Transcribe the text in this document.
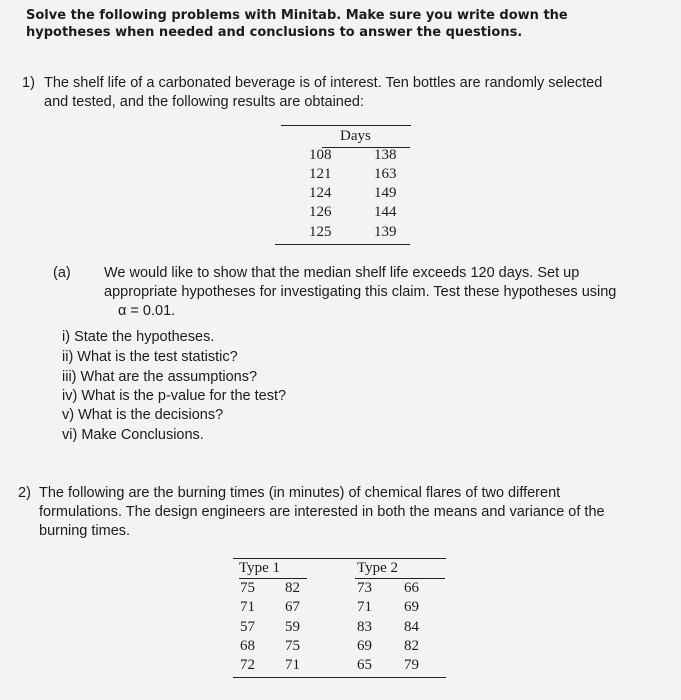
Solve the following problems with Minitab. Make sure you write down the
hypotheses when needed and conclusions to answer the questions.
1) The shelf life of a carbonated beverage is of interest. Ten bottles are randomly selected
and tested, and the following results are obtained:
Days
108
121
124
126
125
138
163
149
144
139
(a) We would like to show that the median shelf life exceeds 120 days. Set up
appropriate hypotheses for investigating this claim. Test these hypotheses using
α = 0.01.
i) State the hypotheses.
ii) What is the test statistic?
iii) What are the assumptions?
iv) What is the p-value for the test?
v) What is the decisions?
vi) Make Conclusions.
2) The following are the burning times (in minutes) of chemical flares of two different
formulations. The design engineers are interested in both the means and variance of the
burning times.
Type 1	Type 2
75
71
57
68
72
82
67
59
75
71
73
71
83
69
65
66
69
84
82
79
